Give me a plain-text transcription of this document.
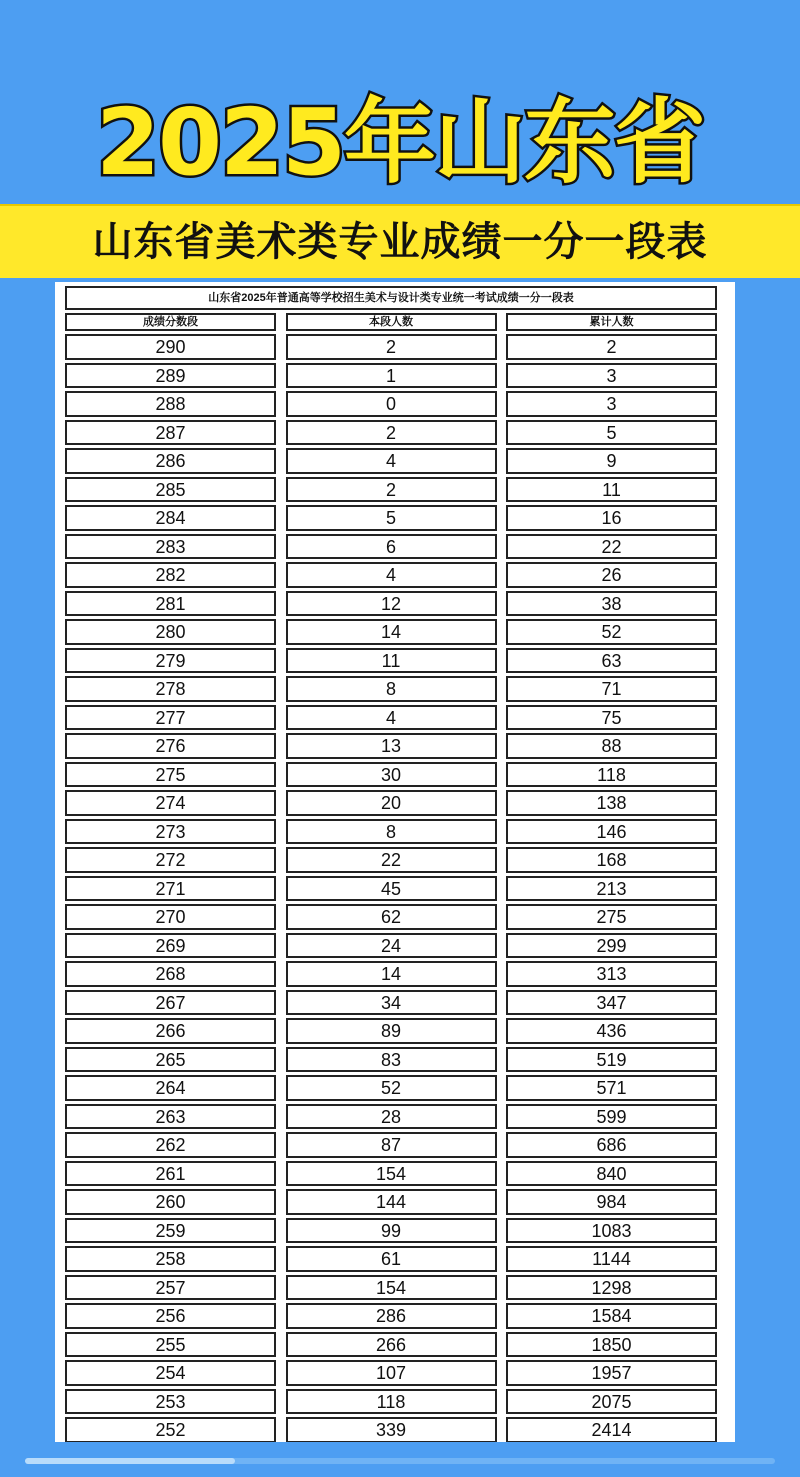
2025年山东省
山东省美术类专业成绩一分一段表
山东省2025年普通高等学校招生美术与设计类专业统一考试成绩一分一段表
成绩分数段	本段人数	累计人数
290	2	2
289	1	3
288	0	3
287	2	5
286	4	9
285	2	11
284	5	16
283	6	22
282	4	26
281	12	38
280	14	52
279	11	63
278	8	71
277	4	75
276	13	88
275	30	118
274	20	138
273	8	146
272	22	168
271	45	213
270	62	275
269	24	299
268	14	313
267	34	347
266	89	436
265	83	519
264	52	571
263	28	599
262	87	686
261	154	840
260	144	984
259	99	1083
258	61	1144
257	154	1298
256	286	1584
255	266	1850
254	107	1957
253	118	2075
252	339	2414
